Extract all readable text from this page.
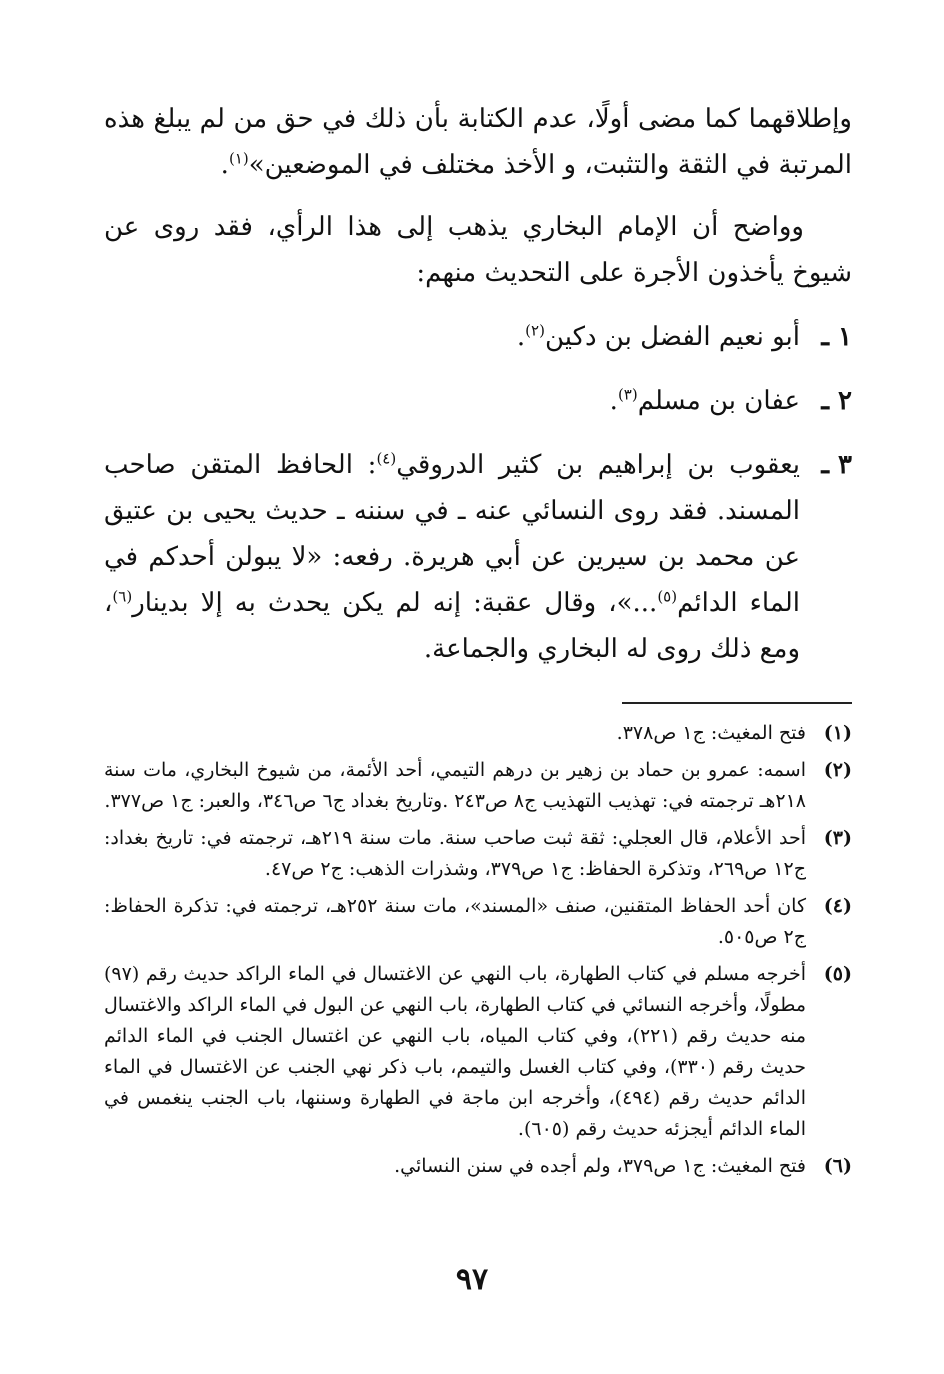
وإطلاقهما كما مضى أولًا، عدم الكتابة بأن ذلك في حق من لم يبلغ هذه المرتبة في الثقة والتثبت، و الأخذ مختلف في الموضعين»$^{(١)}$.

وواضح أن الإمام البخاري يذهب إلى هذا الرأي، فقد روى عن شيوخ يأخذون الأجرة على التحديث منهم:

١ ـ
أبو نعيم الفضل بن دكين$^{(٢)}$.
٢ ـ
عفان بن مسلم$^{(٣)}$.
٣ ـ
يعقوب بن إبراهيم بن كثير الدروقي$^{(٤)}$: الحافظ المتقن صاحب المسند. فقد روى النسائي عنه ـ في سننه ـ حديث يحيى بن عتيق عن محمد بن سيرين عن أبي هريرة. رفعه: «لا يبولن أحدكم في الماء الدائم$^{(٥)}$...»، وقال عقبة: إنه لم يكن يحدث به إلا بدينار$^{(٦)}$، ومع ذلك روى له البخاري والجماعة.
(١)
فتح المغيث: ج١ ص٣٧٨.
(٢)
اسمه: عمرو بن حماد بن زهير بن درهم التيمي، أحد الأئمة، من شيوخ البخاري، مات سنة ٢١٨هـ ترجمته في: تهذيب التهذيب ج٨ ص٢٤٣ .وتاريخ بغداد ج٦ ص٣٤٦، والعبر: ج١ ص٣٧٧.
(٣)
أحد الأعلام، قال العجلي: ثقة ثبت صاحب سنة. مات سنة ٢١٩هـ، ترجمته في: تاريخ بغداد: ج١٢ ص٢٦٩، وتذكرة الحفاظ: ج١ ص٣٧٩، وشذرات الذهب: ج٢ ص٤٧.
(٤)
كان أحد الحفاظ المتقنين، صنف «المسند»، مات سنة ٢٥٢هـ، ترجمته في: تذكرة الحفاظ: ج٢ ص٥٠٥.
(٥)
أخرجه مسلم في كتاب الطهارة، باب النهي عن الاغتسال في الماء الراكد حديث رقم (٩٧) مطولًا، وأخرجه النسائي في كتاب الطهارة، باب النهي عن البول في الماء الراكد والاغتسال منه حديث رقم (٢٢١)، وفي كتاب المياه، باب النهي عن اغتسال الجنب في الماء الدائم حديث رقم (٣٣٠)، وفي كتاب الغسل والتيمم، باب ذكر نهي الجنب عن الاغتسال في الماء الدائم حديث رقم (٤٩٤)، وأخرجه ابن ماجة في الطهارة وسننها، باب الجنب ينغمس في الماء الدائم أيجزئه حديث رقم (٦٠٥).
(٦)
فتح المغيث: ج١ ص٣٧٩، ولم أجده في سنن النسائي.
٩٧
